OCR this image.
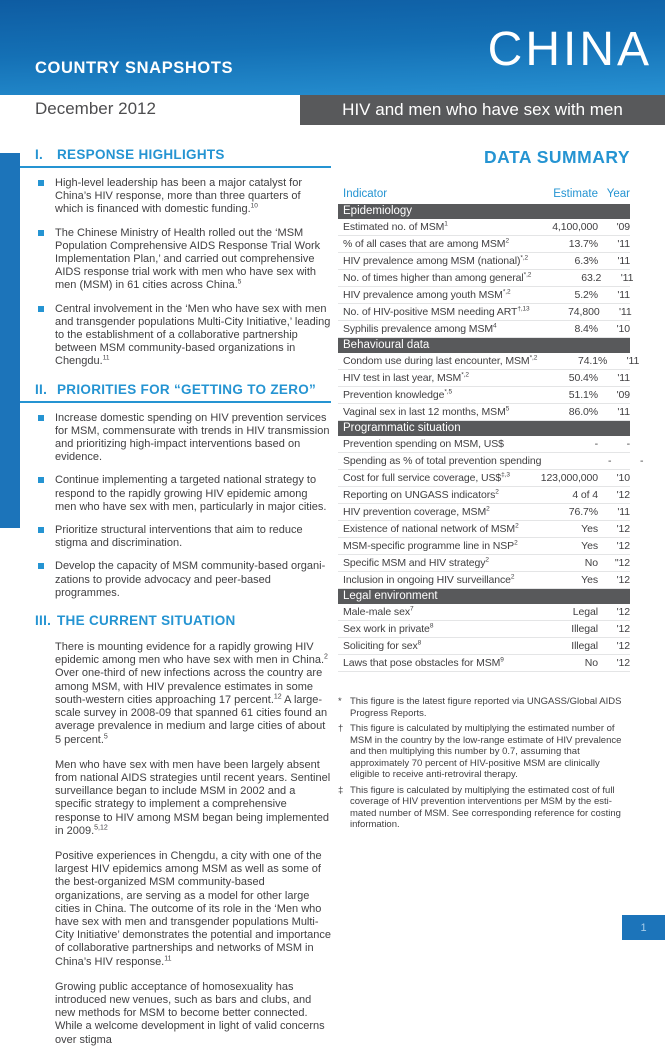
COUNTRY SNAPSHOTS	CHINA
December 2012	HIV and men who have sex with men
I.	RESPONSE HIGHLIGHTS
High-level leadership has been a major catalyst for China’s HIV response, more than three quarters of which is financed with domestic funding.$^{10}$
The Chinese Ministry of Health rolled out the ‘MSM Population Comprehensive AIDS Response Trial Work Implementation Plan,’ and carried out comprehensive AIDS response trial work with men who have sex with men (MSM) in 61 cities across China.$^5$
Central involvement in the ‘Men who have sex with men and transgender populations Multi-City Initiative,’ leading to the establishment of a collaborative partnership between MSM community-based organizations in Chengdu.$^{11}$
II. PRIORITIES FOR “GETTING TO ZERO”
Increase domestic spending on HIV prevention services for MSM, commensurate with trends in HIV transmission and prioritizing high-impact interventions based on evidence.
Continue implementing a targeted national strategy to respond to the rapidly growing HIV epidemic among men who have sex with men, particularly in major cities.
Prioritize structural interventions that aim to reduce stigma and discrimination.
Develop the capacity of MSM community-based organi-zations to provide advocacy and peer-based programmes.
III. THE CURRENT SITUATION

There is mounting evidence for a rapidly growing HIV epidemic among men who have sex with men in China.$^2$ Over one-third of new infections across the country are among MSM, with HIV prevalence estimates in some south-western cities approaching 17 percent.$^{12}$ A large-scale survey in 2008-09 that spanned 61 cities found an average prevalence in medium and large cities of about 5 percent.$^5$

Men who have sex with men have been largely absent from national AIDS strategies until recent years. Sentinel surveillance began to include MSM in 2002 and a specific strategy to implement a comprehensive response to HIV among MSM began being implemented in 2009.$^{5,12}$

Positive experiences in Chengdu, a city with one of the largest HIV epidemics among MSM as well as some of the best-organized MSM community-based organizations, are serving as a model for other large cities in China. The outcome of its role in the ‘Men who have sex with men and transgender populations Multi-City Initiative’ demonstrates the potential and importance of collaborative partnerships and networks of MSM in China’s HIV response.$^{11}$

Growing public acceptance of homosexuality has introduced new venues, such as bars and clubs, and new methods for MSM to become better connected. While a welcome development in light of valid concerns over stigma

DATA SUMMARY
Indicator	Estimate Year
Epidemiology
Estimated no. of MSM$^1$	4,100,000	'09
% of all cases that are among MSM$^2$	13.7%	'11
HIV prevalence among MSM (national)$^{*,2}$	6.3%	'11
No. of times higher than among general$^{*,2}$	63.2	'11
HIV prevalence among youth $MSM^{*,2}$	5.2%	'11
No. of HIV-positive MSM needing $ART^{\dagger,13}$	74,800	'11
Syphilis prevalence among MSM$^4$	8.4%	'10
Behavioural data
Condom use during last encounter, $MSM^{*,2}$	74.1%	'11
HIV test in last year, $MSM^{*,2}$	50.4%	'11
Prevention knowledge$^{*,5}$	51.1%	'09
Vaginal sex in last 12 months, MSM$^5$	86.0%	'11
Programmatic situation
Prevention spending on MSM, US$	-	-
Spending as % of total prevention spending	-	-
Cost for full service coverage, US\$$^{\ddagger,3}$	123,000,000	'10
Reporting on UNGASS indicators$^2$	4 of 4	'12
HIV prevention coverage, MSM$^2$	76.7%	'11
Existence of national network of MSM$^2$	Yes	'12
MSM-specific programme line in NSP$^2$	Yes	'12
Specific MSM and HIV strategy$^2$	No	"12
Inclusion in ongoing HIV surveillance$^2$	Yes	'12
Legal environment
Male-male sex$^7$	Legal	'12
Sex work in private$^8$	Illegal	'12
Soliciting for sex$^8$	Illegal	'12
Laws that pose obstacles for MSM$^9$	No	'12
* This figure is the latest figure reported via UNGASS/Global AIDS Progress Reports.
† This figure is calculated by multiplying the estimated number of MSM in the country by the low-range estimate of HIV prevalence and then multiplying this number by 0.7, assuming that approximately 70 percent of HIV-positive MSM are clinically eligible to receive anti-retroviral therapy.
‡ This figure is calculated by multiplying the estimated cost of full coverage of HIV prevention interventions per MSM by the esti-mated number of MSM. See corresponding reference for costing information.
1
